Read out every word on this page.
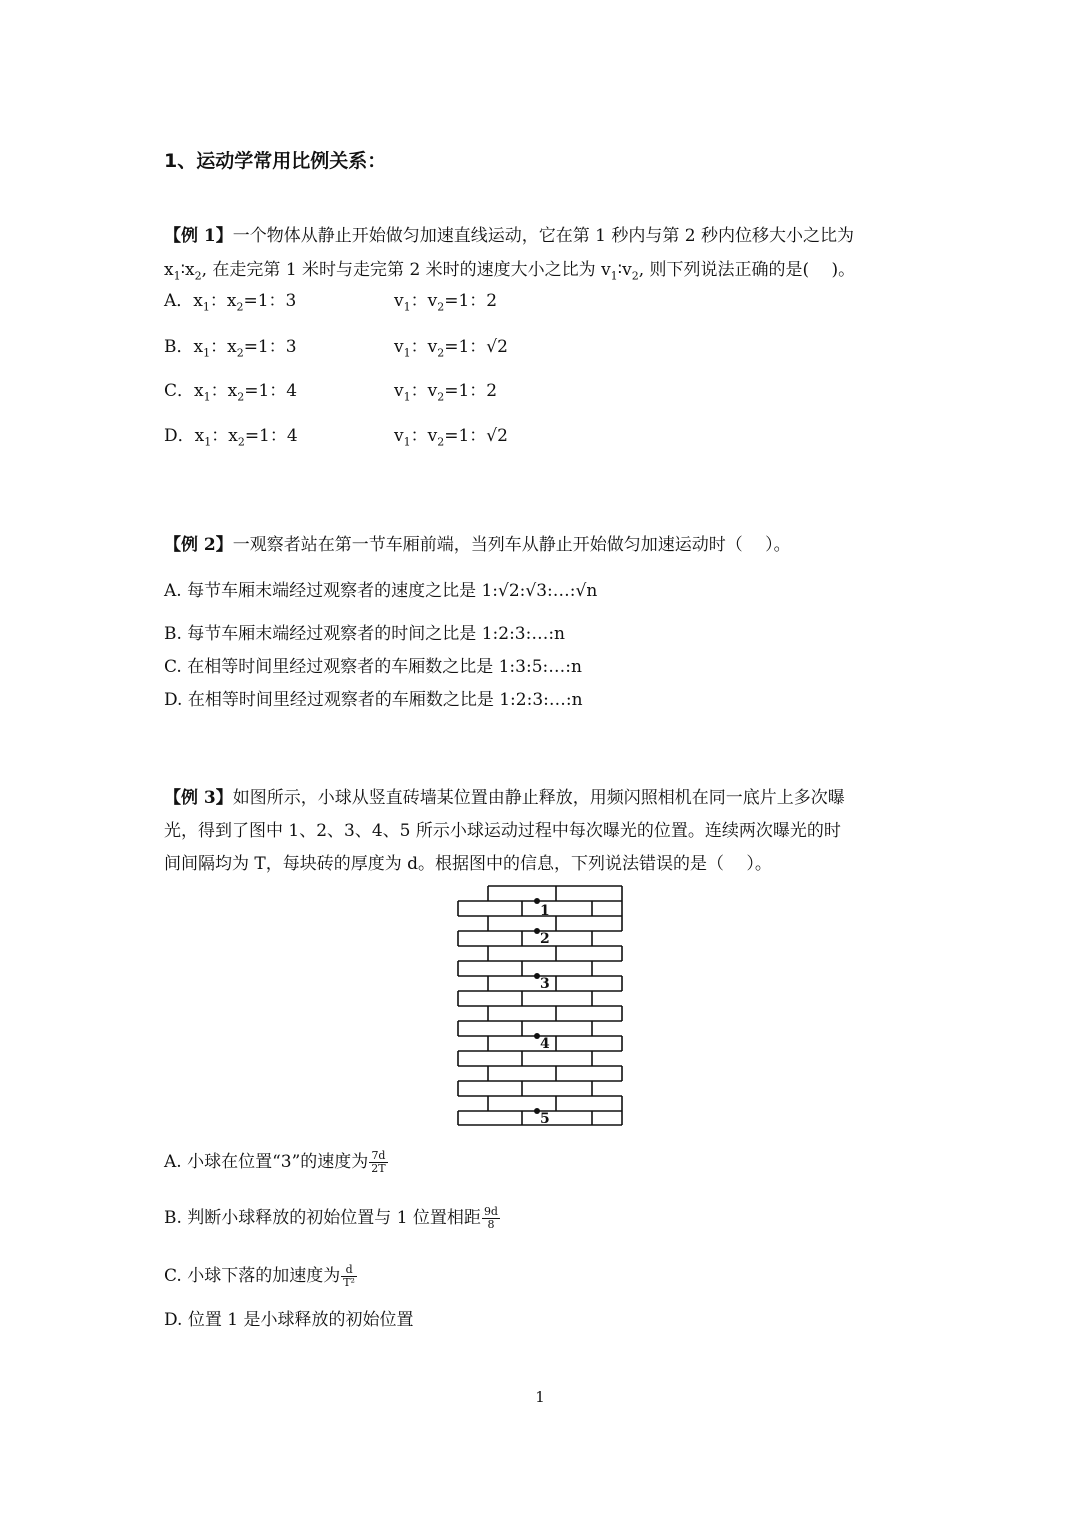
1、运动学常用比例关系：
【例 1】一个物体从静止开始做匀加速直线运动，它在第 1 秒内与第 2 秒内位移大小之比为
$x_1∶x_2$, 在走完第 1 米时与走完第 2 米时的速度大小之比为 $v_1∶v_2$, 则下列说法正确的是(　 )。
A．$x_1$：$x_2=1$：3	$v_1$：$v_2=1$：2
B．$x_1$：$x_2=1$：3	$v_1$：$v_2=1$：√2
C．$x_1$：$x_2=1$：4	$v_1$：$v_2=1$：2
D．$x_1$：$x_2=1$：4	$v_1$：$v_2=1$：√2
【例 2】一观察者站在第一节车厢前端，当列车从静止开始做匀加速运动时（　 ）。
A. 每节车厢末端经过观察者的速度之比是 1:√2:√3:…:√n
B. 每节车厢末端经过观察者的时间之比是 1:2:3:…:n
C. 在相等时间里经过观察者的车厢数之比是 1:3:5:…:n
D. 在相等时间里经过观察者的车厢数之比是 1:2:3:…:n
【例 3】如图所示，小球从竖直砖墙某位置由静止释放，用频闪照相机在同一底片上多次曝
光，得到了图中 1、2、3、4、5 所示小球运动过程中每次曝光的位置。连续两次曝光的时
间间隔均为 T，每块砖的厚度为 d。根据图中的信息，下列说法错误的是（　 ）。
1
2
3
4
5
A. 小球在位置“3”的速度为 $\frac{7d}{2T}$
B. 判断小球释放的初始位置与 1 位置相距 $\frac{9d}{8}$
C. 小球下落的加速度为 $\frac{d}{\text{T²}}$
D. 位置 1 是小球释放的初始位置
1
